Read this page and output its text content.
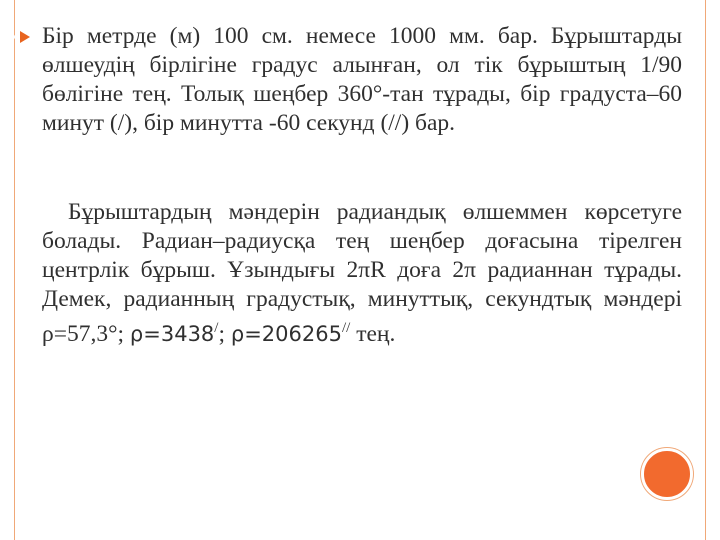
Бір метрде (м) 100 см. немесе 1000 мм. бар. Бұрыштарды өлшеудің бірлігіне градус алынған, ол тік бұрыштың 1/90 бөлігіне тең. Толық шеңбер 360°-тан тұрады, бір градуста–60 минут (/), бір минутта -60 секунд (//) бар.
Бұрыштардың мәндерін радиандық өлшеммен көрсетуге болады. Радиан–радиусқа тең шеңбер доғасына тірелген центрлік бұрыш. Ұзындығы 2πR доға 2π радианнан тұрады. Демек, радианның градустық, минуттық, секундтық мәндері ρ=57,3°; ρ=3438/; ρ=206265// тең.
